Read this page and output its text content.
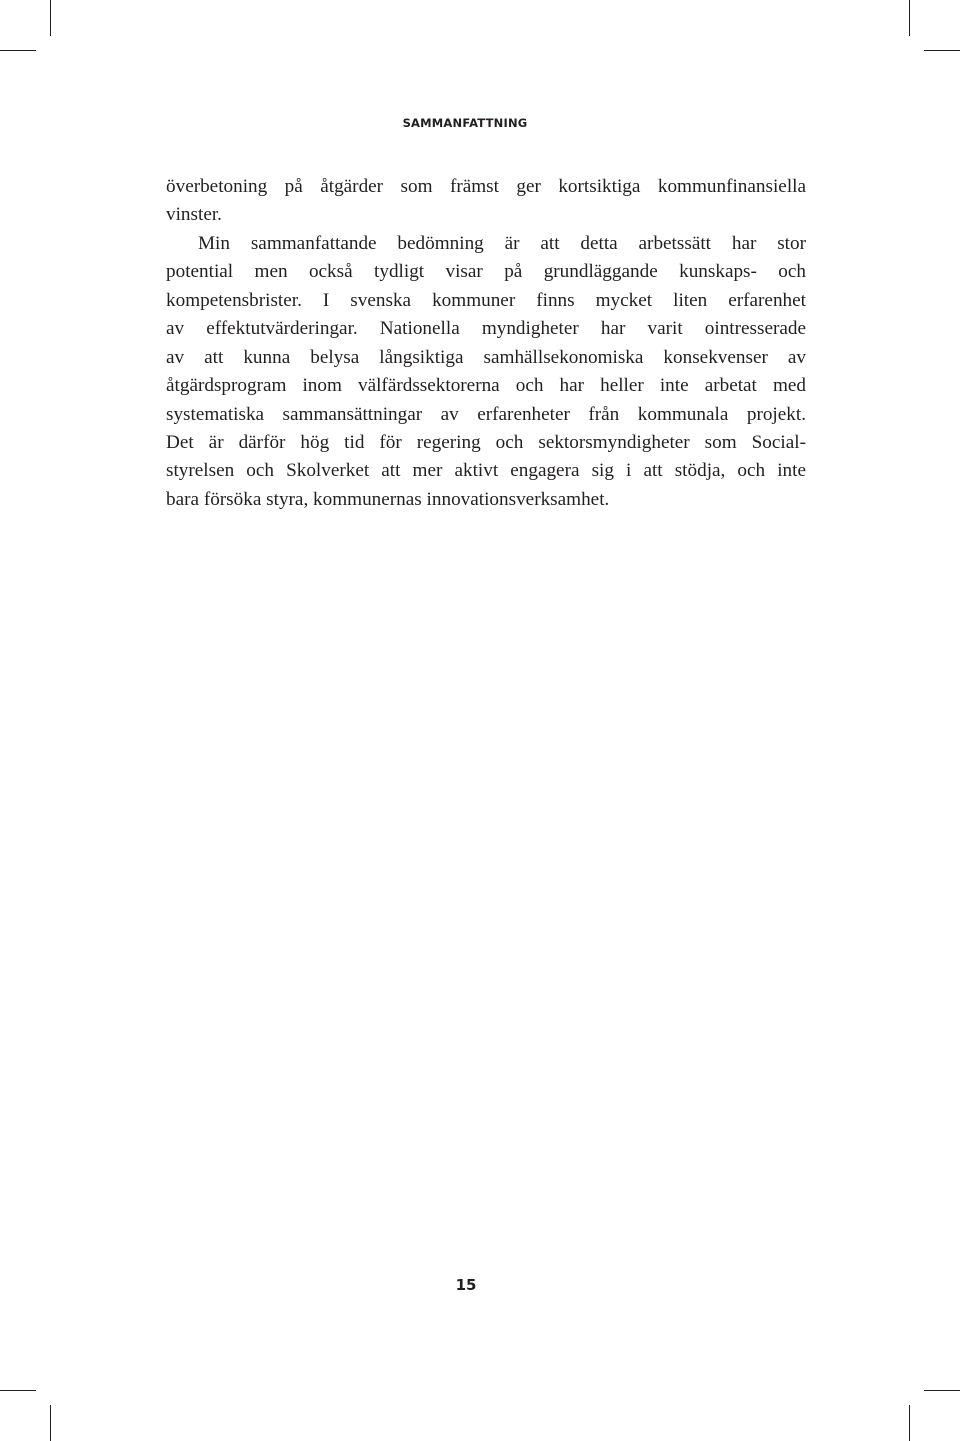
SAMMANFATTNING
överbetoning på åtgärder som främst ger kortsiktiga kommunfinansiella
vinster.
Min sammanfattande bedömning är att detta arbetssätt har stor
potential men också tydligt visar på grundläggande kunskaps- och
kompetensbrister. I svenska kommuner finns mycket liten erfarenhet
av effektutvärderingar. Nationella myndigheter har varit ointresserade
av att kunna belysa långsiktiga samhällsekonomiska konsekvenser av
åtgärdsprogram inom välfärdssektorerna och har heller inte arbetat med
systematiska sammansättningar av erfarenheter från kommunala projekt.
Det är därför hög tid för regering och sektorsmyndigheter som Social-
styrelsen och Skolverket att mer aktivt engagera sig i att stödja, och inte
bara försöka styra, kommunernas innovationsverksamhet.
15
